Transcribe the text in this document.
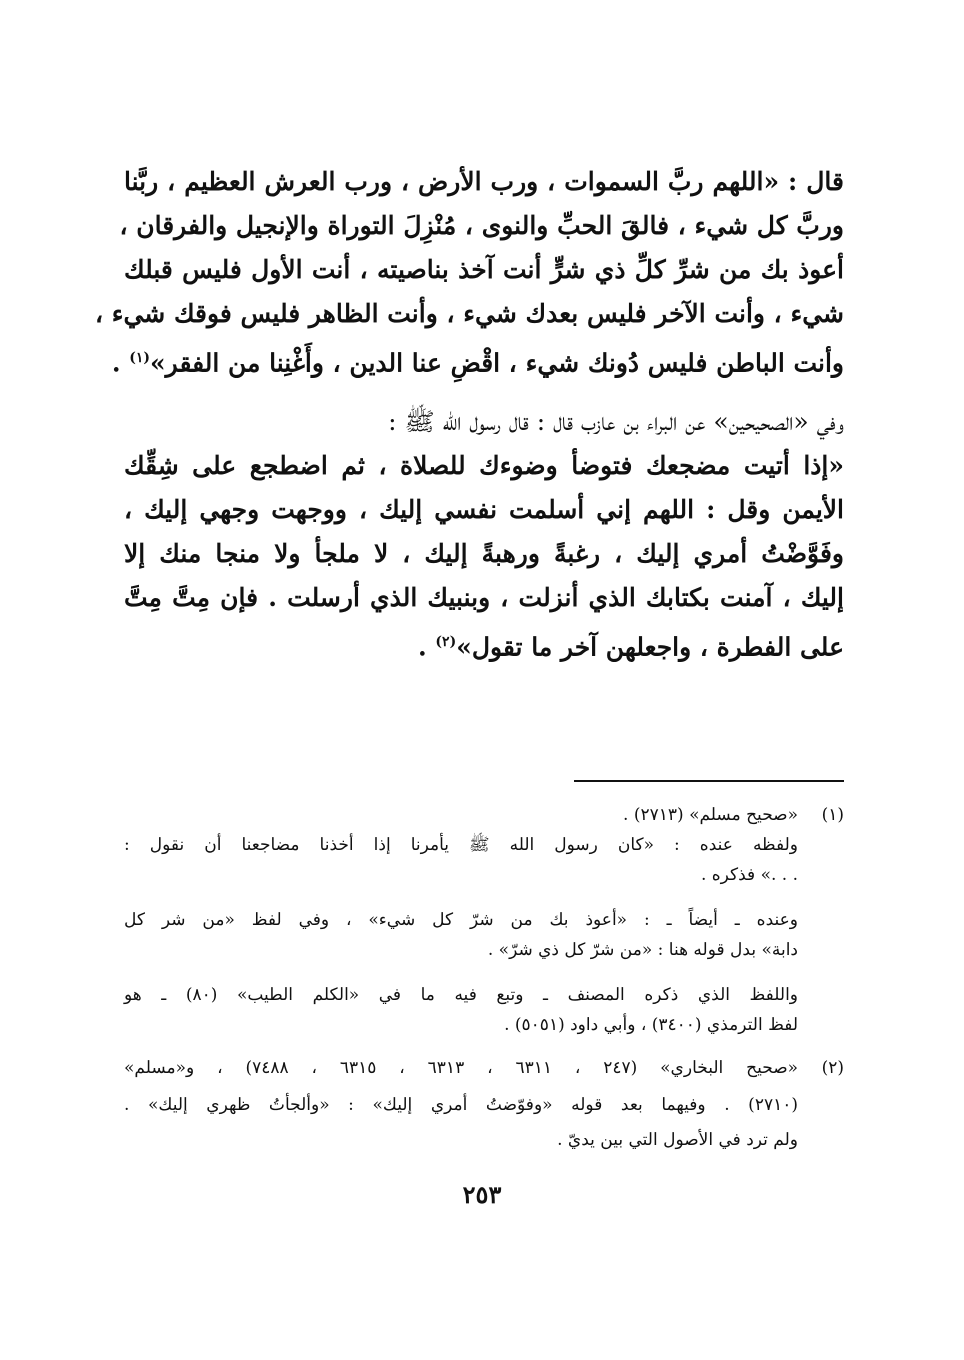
قال : «اللهم ربَّ السموات ، ورب الأرض ، ورب العرش العظيم ، ربَّنا
وربَّ كل شيء ، فالقَ الحبِّ والنوى ، مُنْزِلَ التوراة والإنجيل والفرقان ،
أعوذ بك من شرِّ كلِّ ذي شرٍّ أنت آخذ بناصيته ، أنت الأول فليس قبلك
شيء ، وأنت الآخر فليس بعدك شيء ، وأنت الظاهر فليس فوقك شيء ،
وأنت الباطن فليس دُونك شيء ، اقْضِ عنا الدين ، وأَغْنِنا من الفقر»$^{(١)}$ .
وفي «الصحيحين» عن البراء بن عازب قال : قال رسول الله ﷺ :
«إذا أتيت مضجعك فتوضأ وضوءك للصلاة ، ثم اضطجع على شِقِّك
الأيمن وقل : اللهم إني أسلمت نفسي إليك ، ووجهت وجهي إليك ،
وفَوَّضْتُ أمري إليك ، رغبةً ورهبةً إليك ، لا ملجأ ولا منجا منك إلا
إليك ، آمنت بكتابك الذي أنزلت ، وبنبيك الذي أرسلت . فإن مِتَّ مِتَّ
على الفطرة ، واجعلهن آخر ما تقول»$^{(٢)}$ .
(١)
«صحيح مسلم» (٢٧١٣) .
ولفظه عنده : «كان رسول الله ﷺ يأمرنا إذا أخذنا مضاجعنا أن نقول :
. . .» فذكره .
وعنده ـ أيضاً ـ : «أعوذ بك من شرّ كل شيء» ، وفي لفظ «من شر كل
دابة» بدل قوله هنا : «من شرّ كل ذي شرّ» .
واللفظ الذي ذكره المصنف ـ وتبع فيه ما في «الكلم الطيب» (٨٠) ـ هو
لفظ الترمذي (٣٤٠٠) ، وأبي داود (٥٠٥١) .
(٢)
«صحيح البخاري» (٢٤٧ ، ٦٣١١ ، ٦٣١٣ ، ٦٣١٥ ، ٧٤٨٨) ، و«مسلم»
(٢٧١٠) . وفيهما بعد قوله «وفوّضتُ أمري إليك» : «وألجأتُ ظهري إليك» .
ولم ترد في الأصول التي بين يديّ .
٢٥٣
